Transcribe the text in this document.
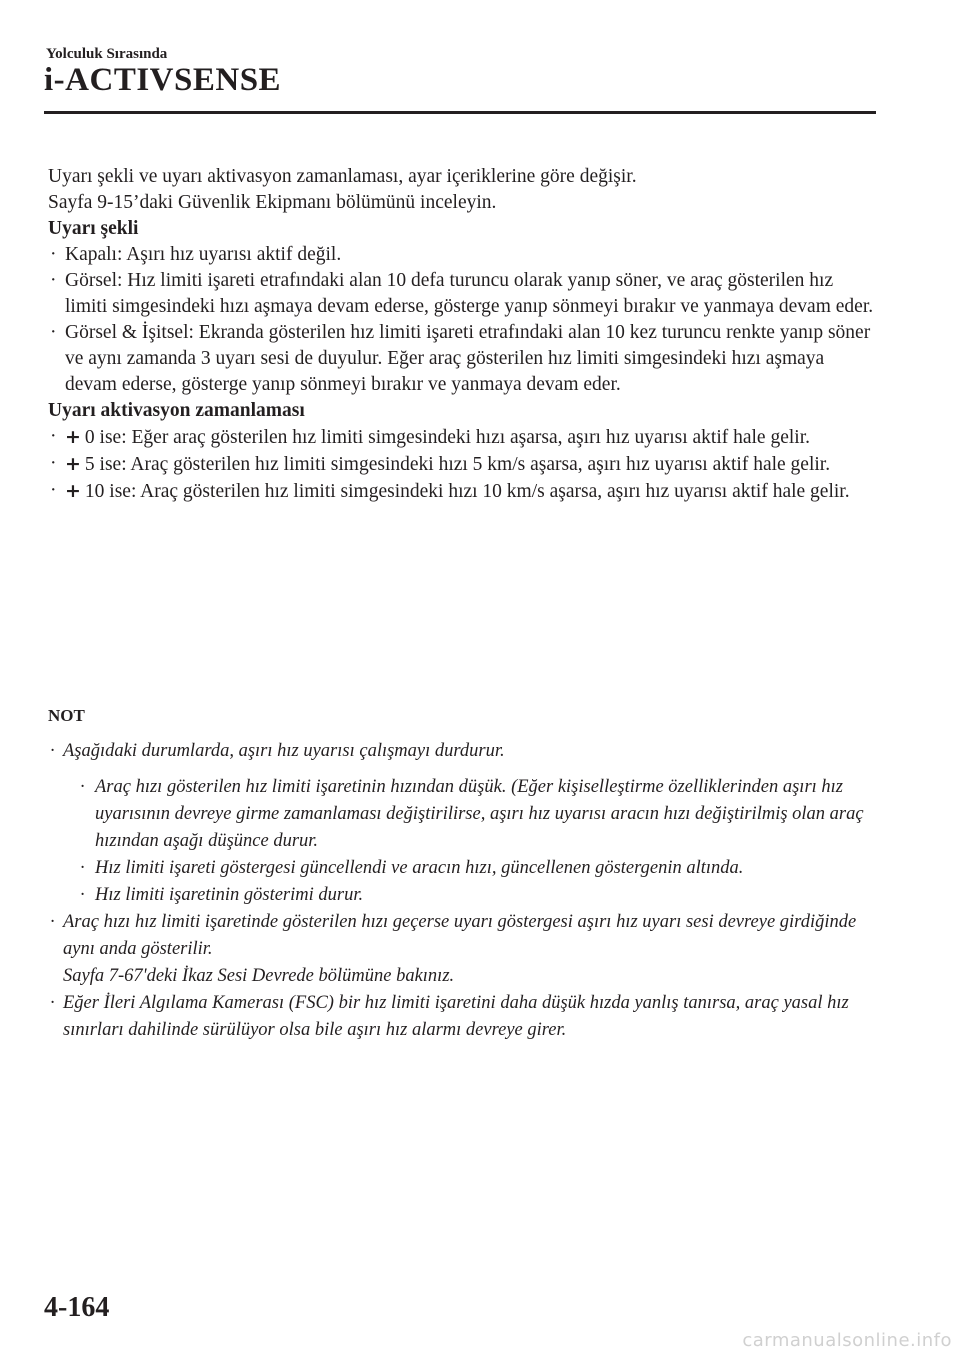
Yolculuk Sırasında
i-ACTIVSENSE

Uyarı şekli ve uyarı aktivasyon zamanlaması, ayar içeriklerine göre değişir.

Sayfa 9-15’daki Güvenlik Ekipmanı bölümünü inceleyin.

Uyarı şekli

· Kapalı: Aşırı hız uyarısı aktif değil.
· Görsel: Hız limiti işareti etrafındaki alan 10 defa turuncu olarak yanıp söner, ve araç gösterilen hız limiti simgesindeki hızı aşmaya devam ederse, gösterge yanıp sönmeyi bırakır ve yanmaya devam eder.
· Görsel & İşitsel: Ekranda gösterilen hız limiti işareti etrafındaki alan 10 kez turuncu renkte yanıp söner ve aynı zamanda 3 uyarı sesi de duyulur. Eğer araç gösterilen hız limiti simgesindeki hızı aşmaya devam ederse, gösterge yanıp sönmeyi bırakır ve yanmaya devam eder.

Uyarı aktivasyon zamanlaması

· + 0 ise: Eğer araç gösterilen hız limiti simgesindeki hızı aşarsa, aşırı hız uyarısı aktif hale gelir.
· + 5 ise: Araç gösterilen hız limiti simgesindeki hızı 5 km/s aşarsa, aşırı hız uyarısı aktif hale gelir.
· + 10 ise: Araç gösterilen hız limiti simgesindeki hızı 10 km/s aşarsa, aşırı hız uyarısı aktif hale gelir.
NOT
· Aşağıdaki durumlarda, aşırı hız uyarısı çalışmayı durdurur.
· Araç hızı gösterilen hız limiti işaretinin hızından düşük. (Eğer kişiselleştirme özelliklerinden aşırı hız uyarısının devreye girme zamanlaması değiştirilirse, aşırı hız uyarısı aracın hızı değiştirilmiş olan araç hızından aşağı düşünce durur.
· Hız limiti işareti göstergesi güncellendi ve aracın hızı, güncellenen göstergenin altında.
· Hız limiti işaretinin gösterimi durur.
· Araç hızı hız limiti işaretinde gösterilen hızı geçerse uyarı göstergesi aşırı hız uyarı sesi devreye girdiğinde aynı anda gösterilir.
Sayfa 7-67'deki İkaz Sesi Devrede bölümüne bakınız.
· Eğer İleri Algılama Kamerası (FSC) bir hız limiti işaretini daha düşük hızda yanlış tanırsa, araç yasal hız sınırları dahilinde sürülüyor olsa bile aşırı hız alarmı devreye girer.
4-164
carmanualsonline.info
